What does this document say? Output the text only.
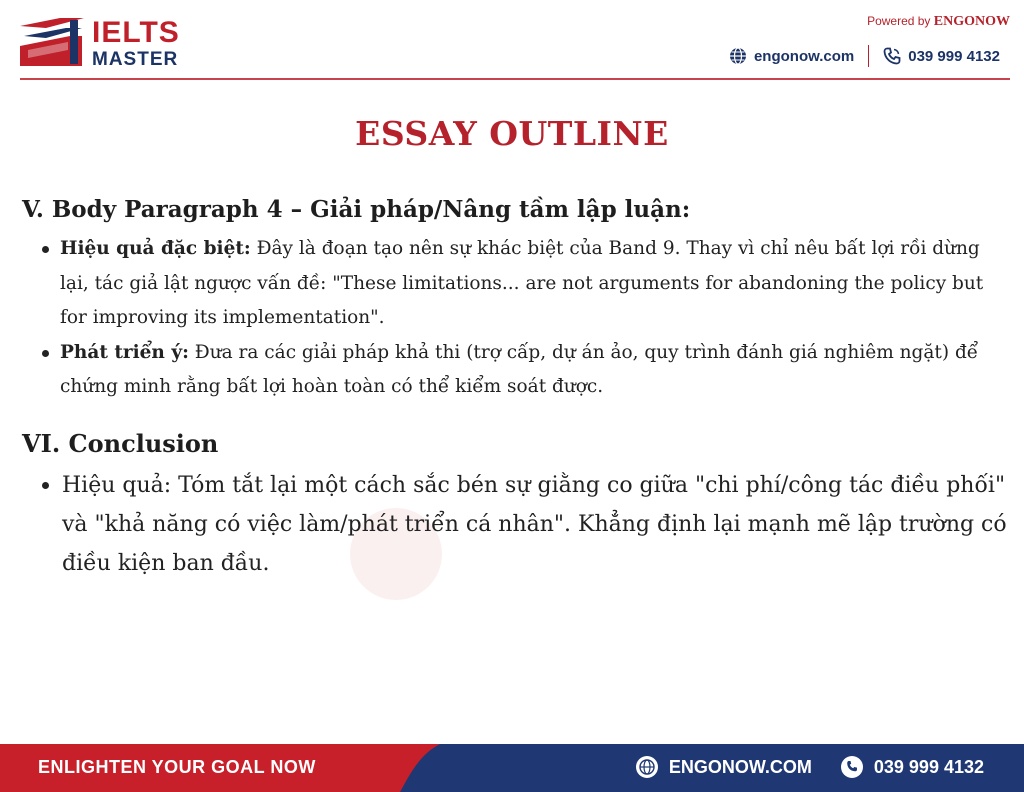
IELTS
MASTER
Powered by ENGONOW
engonow.com	039 999 4132
ESSAY OUTLINE
V. Body Paragraph 4 – Giải pháp/Nâng tầm lập luận:
Hiệu quả đặc biệt: Đây là đoạn tạo nên sự khác biệt của Band 9. Thay vì chỉ nêu bất lợi rồi dừng lại, tác giả lật ngược vấn đề: "These limitations... are not arguments for abandoning the policy but for improving its implementation".
Phát triển ý: Đưa ra các giải pháp khả thi (trợ cấp, dự án ảo, quy trình đánh giá nghiêm ngặt) để chứng minh rằng bất lợi hoàn toàn có thể kiểm soát được.
VI. Conclusion
Hiệu quả: Tóm tắt lại một cách sắc bén sự giằng co giữa "chi phí/công tác điều phối" và "khả năng có việc làm/phát triển cá nhân". Khẳng định lại mạnh mẽ lập trường có điều kiện ban đầu.
ENLIGHTEN YOUR GOAL NOW	ENGONOW.COM	039 999 4132
